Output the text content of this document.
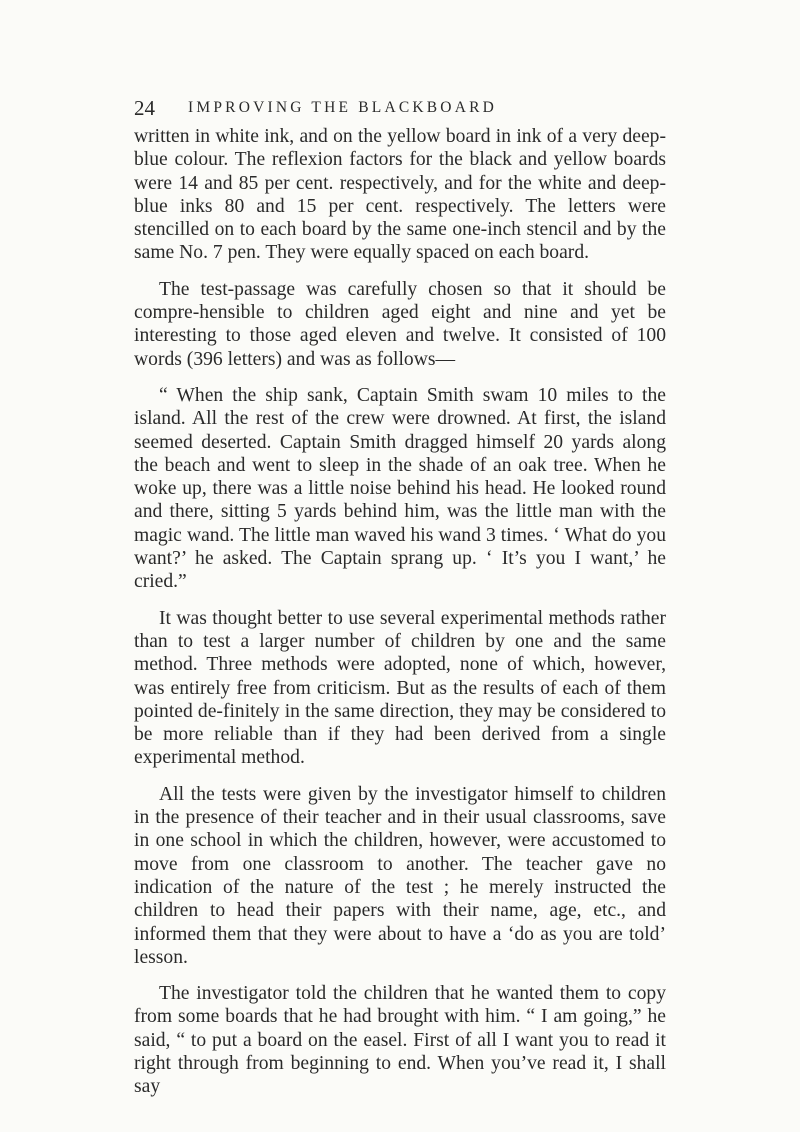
24 IMPROVING THE BLACKBOARD

written in white ink, and on the yellow board in ink of a very deep-blue colour. The reflexion factors for the black and yellow boards were 14 and 85 per cent. respectively, and for the white and deep-blue inks 80 and 15 per cent. respectively. The letters were stencilled on to each board by the same one-inch stencil and by the same No. 7 pen. They were equally spaced on each board.

The test-passage was carefully chosen so that it should be compre-hensible to children aged eight and nine and yet be interesting to those aged eleven and twelve. It consisted of 100 words (396 letters) and was as follows—

“ When the ship sank, Captain Smith swam 10 miles to the island. All the rest of the crew were drowned. At first, the island seemed deserted. Captain Smith dragged himself 20 yards along the beach and went to sleep in the shade of an oak tree. When he woke up, there was a little noise behind his head. He looked round and there, sitting 5 yards behind him, was the little man with the magic wand. The little man waved his wand 3 times. ‘ What do you want?’ he asked. The Captain sprang up. ‘ It’s you I want,’ he cried.”

It was thought better to use several experimental methods rather than to test a larger number of children by one and the same method. Three methods were adopted, none of which, however, was entirely free from criticism. But as the results of each of them pointed de-finitely in the same direction, they may be considered to be more reliable than if they had been derived from a single experimental method.

All the tests were given by the investigator himself to children in the presence of their teacher and in their usual classrooms, save in one school in which the children, however, were accustomed to move from one classroom to another. The teacher gave no indication of the nature of the test ; he merely instructed the children to head their papers with their name, age, etc., and informed them that they were about to have a ‘do as you are told’ lesson.

The investigator told the children that he wanted them to copy from some boards that he had brought with him. “ I am going,” he said, “ to put a board on the easel. First of all I want you to read it right through from beginning to end. When you’ve read it, I shall say
